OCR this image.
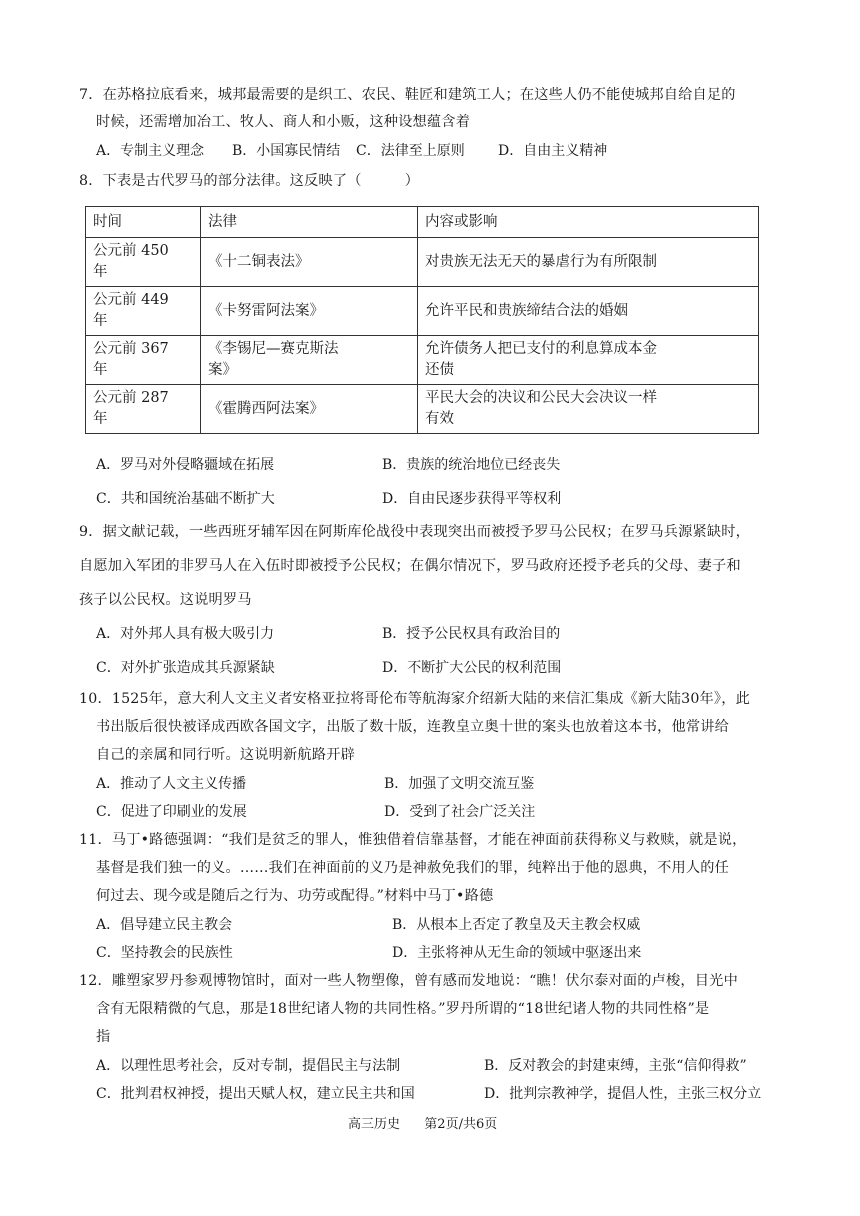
7．在苏格拉底看来，城邦最需要的是织工、农民、鞋匠和建筑工人；在这些人仍不能使城邦自给自足的
时候，还需增加冶工、牧人、商人和小贩，这种设想蕴含着
A．专制主义理念 B．小国寡民情结 C．法律至上原则 D．自由主义精神
8．下表是古代罗马的部分法律。这反映了（　　　）
时间	法律	内容或影响
公元前 450
年	《十二铜表法》	对贵族无法无天的暴虐行为有所限制
公元前 449
年	《卡努雷阿法案》	允许平民和贵族缔结合法的婚姻
公元前 367
年	《李锡尼—赛克斯法
案》	允许债务人把已支付的利息算成本金
还债
公元前 287
年	《霍腾西阿法案》	平民大会的决议和公民大会决议一样
有效
A．罗马对外侵略疆域在拓展	B．贵族的统治地位已经丧失
C．共和国统治基础不断扩大	D．自由民逐步获得平等权利
9．据文献记载，一些西班牙辅军因在阿斯库伦战役中表现突出而被授予罗马公民权；在罗马兵源紧缺时，
自愿加入军团的非罗马人在入伍时即被授予公民权；在偶尔情况下，罗马政府还授予老兵的父母、妻子和
孩子以公民权。这说明罗马
A．对外邦人具有极大吸引力	B．授予公民权具有政治目的
C．对外扩张造成其兵源紧缺	D．不断扩大公民的权利范围
10．1525年，意大利人文主义者安格亚拉将哥伦布等航海家介绍新大陆的来信汇集成《新大陆30年》，此
书出版后很快被译成西欧各国文字，出版了数十版，连教皇立奥十世的案头也放着这本书，他常讲给
自己的亲属和同行听。这说明新航路开辟
A．推动了人文主义传播	B．加强了文明交流互鉴
C．促进了印刷业的发展	D．受到了社会广泛关注
11．马丁•路德强调：“我们是贫乏的罪人，惟独借着信靠基督，才能在神面前获得称义与救赎，就是说，
基督是我们独一的义。……我们在神面前的义乃是神赦免我们的罪，纯粹出于他的恩典，不用人的任
何过去、现今或是随后之行为、功劳或配得。”材料中马丁•路德
A．倡导建立民主教会	B．从根本上否定了教皇及天主教会权威
C．坚持教会的民族性	D．主张将神从无生命的领域中驱逐出来
12．雕塑家罗丹参观博物馆时，面对一些人物塑像，曾有感而发地说：“瞧！伏尔泰对面的卢梭，目光中
含有无限精微的气息，那是18世纪诸人物的共同性格。”罗丹所谓的“18世纪诸人物的共同性格”是
指
A．以理性思考社会，反对专制，提倡民主与法制	B．反对教会的封建束缚，主张“信仰得救”
C．批判君权神授，提出天赋人权，建立民主共和国	D．批判宗教神学，提倡人性，主张三权分立
高三历史 第2页/共6页
